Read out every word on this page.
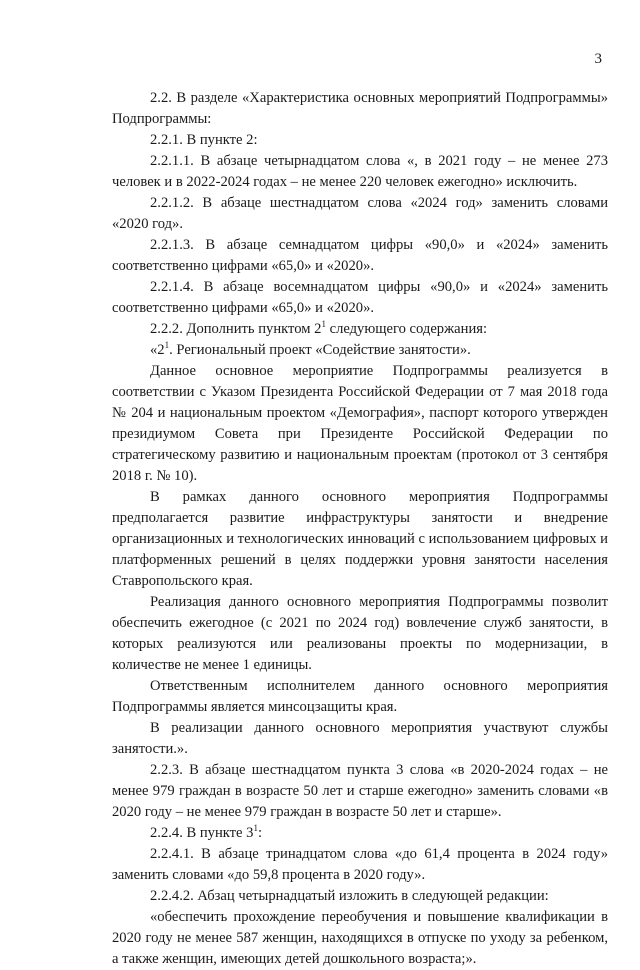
3

2.2. В разделе «Характеристика основных мероприятий Подпрограммы» Подпрограммы:

2.2.1. В пункте 2:

2.2.1.1. В абзаце четырнадцатом слова «, в 2021 году – не менее 273 человек и в 2022-2024 годах – не менее 220 человек ежегодно» исключить.

2.2.1.2. В абзаце шестнадцатом слова «2024 год» заменить словами «2020 год».

2.2.1.3. В абзаце семнадцатом цифры «90,0» и «2024» заменить соответственно цифрами «65,0» и «2020».

2.2.1.4. В абзаце восемнадцатом цифры «90,0» и «2024» заменить соответственно цифрами «65,0» и «2020».

2.2.2. Дополнить пунктом $2^1$ следующего содержания:

«$2^1$. Региональный проект «Содействие занятости».

Данное основное мероприятие Подпрограммы реализуется в соответствии с Указом Президента Российской Федерации от 7 мая 2018 года № 204 и национальным проектом «Демография», паспорт которого утвержден президиумом Совета при Президенте Российской Федерации по стратегическому развитию и национальным проектам (протокол от 3 сентября 2018 г. № 10).

В рамках данного основного мероприятия Подпрограммы предполагается развитие инфраструктуры занятости и внедрение организационных и технологических инноваций с использованием цифровых и платформенных решений в целях поддержки уровня занятости населения Ставропольского края.

Реализация данного основного мероприятия Подпрограммы позволит обеспечить ежегодное (с 2021 по 2024 год) вовлечение служб занятости, в которых реализуются или реализованы проекты по модернизации, в количестве не менее 1 единицы.

Ответственным исполнителем данного основного мероприятия Подпрограммы является минсоцзащиты края.

В реализации данного основного мероприятия участвуют службы занятости.».

2.2.3. В абзаце шестнадцатом пункта 3 слова «в 2020-2024 годах – не менее 979 граждан в возрасте 50 лет и старше ежегодно» заменить словами «в 2020 году – не менее 979 граждан в возрасте 50 лет и старше».

2.2.4. В пункте $3^1$:

2.2.4.1. В абзаце тринадцатом слова «до 61,4 процента в 2024 году» заменить словами «до 59,8 процента в 2020 году».

2.2.4.2. Абзац четырнадцатый изложить в следующей редакции:

«обеспечить прохождение переобучения и повышение квалификации в 2020 году не менее 587 женщин, находящихся в отпуске по уходу за ребенком, а также женщин, имеющих детей дошкольного возраста;».
